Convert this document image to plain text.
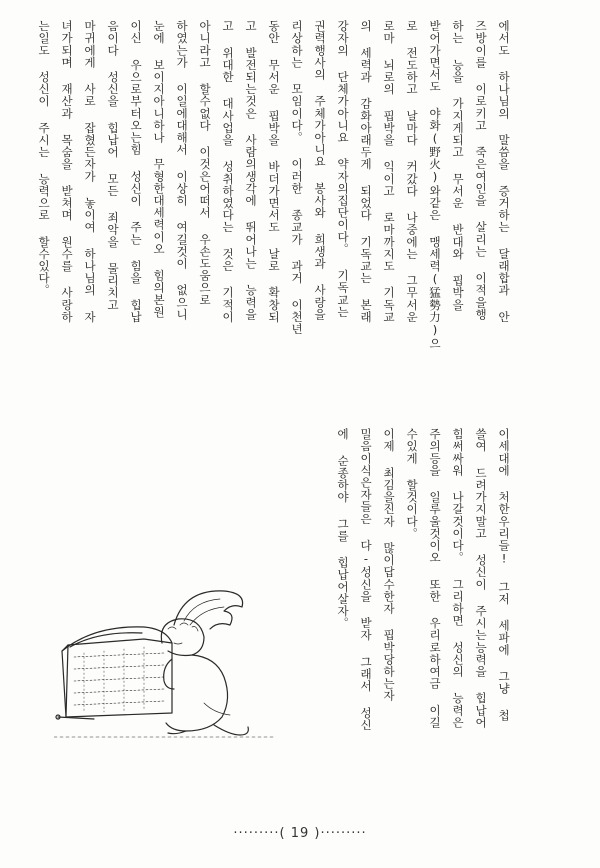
에서도 하나님의 말씀을 증거하는 달래합과 안
즈방이를 이로키고 죽은여인을 살리는 이적을행
하는 능을 가지게되고 무서운 반대와 핍박을
받어가면서도 야화(野火)와같은 맹세력(猛勢力)으
로 전도하고 날마다 커갔다 나중에는 그무서운
로마 뇌로의 핍박을 익이고 로마까지도 기독교
의 세력과 감화아래두게 되었다 기독교는 본래
강자의 단체가아니요 약자의집단이다。 기독교는
권력행사의 주체가아니요 봉사와 희생과 사랑을
리상하는 모임이다。 이러한 종교가 과거 이천년
동안 무서운 핍박을 바더가면서도 날로 확창되
고 발전되는것은 사람의생각에 뛰어나는 능력을
고 위대한 대사업을 성취하였다는 것은 기적이
아니라고 할수없다 이것은어떠서 우손도움으로
하였는가 이일에대해서 이상히 여길것이 없으니
눈에 보이지아니하나 무형한대세력이오 힘의본원
이신 우으로부터오는힘 성신이 주는 힘을 힙납
음이다 성신을 힙납어 모든 죄악을 물리치고
마귀에게 사로 잡혔든자가 놓이여 하나님의 자
녀가되며 재산과 목숨을 받쳐며 원수를 사랑하
는일도 성신이 주시는 능력으로 할수있다。
이세대에 처한우리들! 그저 세파에 그냥 첩
쓸여 드려가지말고 성신이 주시는능력을 힙납어
힘써싸워 나갈것이다。 그리하면 성신의 능력은
주의등을 일루울것이오 또한 우리로하여금 이길
수있게 할것이다。
이제 최김을진자 많이답수한자 핍박당하는자
밀음이식은자들은 다-성신을 받자 그래서 성신
에 순종하야 그를 힙납어살자。
·········( 19 )·········
